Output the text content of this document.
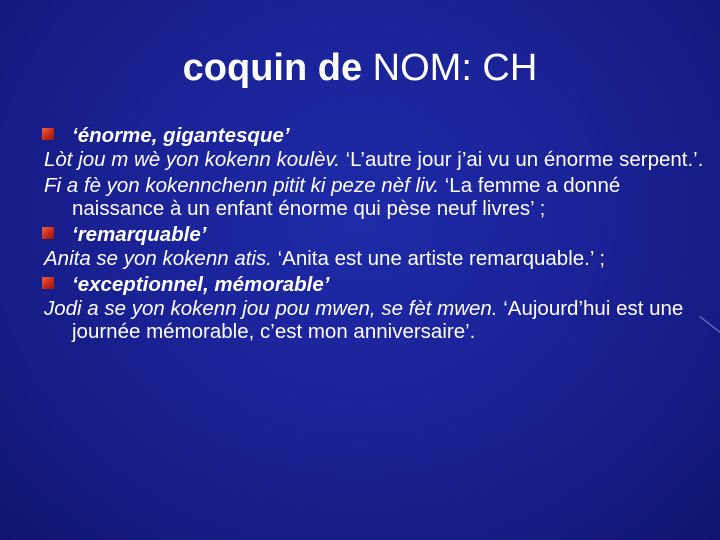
coquin de NOM: CH
‘énorme, gigantesque’
Lòt jou m wè yon kokenn koulèv. ‘L’autre jour j’ai vu un énorme serpent.’.
Fi a fè yon kokennchenn pitit ki peze nèf liv. ‘La femme a donné naissance à un enfant énorme qui pèse neuf livres’ ;
‘remarquable’
Anita se yon kokenn atis. ‘Anita est une artiste remarquable.’ ;
‘exceptionnel, mémorable’
Jodi a se yon kokenn jou pou mwen, se fèt mwen. ‘Aujourd’hui est une journée mémorable, c’est mon anniversaire’.
